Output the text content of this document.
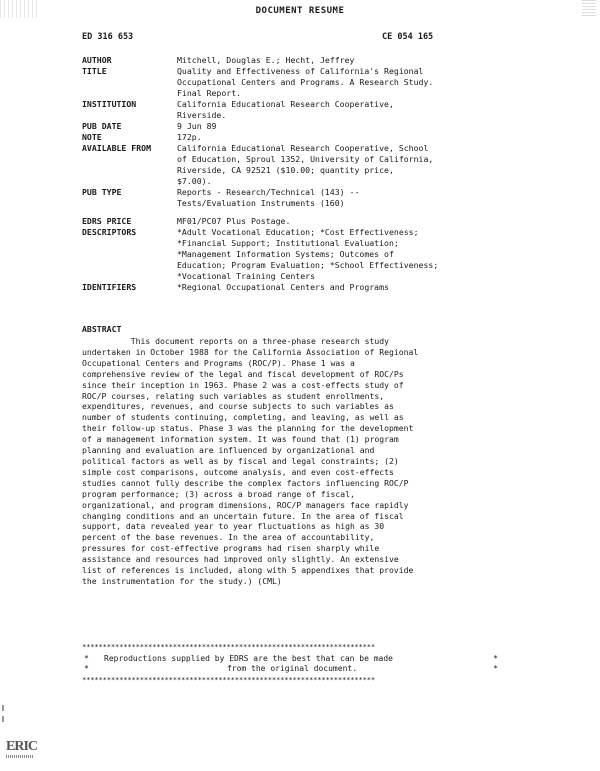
DOCUMENT RESUME
ED 316 653	CE 054 165
AUTHOR	Mitchell, Douglas E.; Hecht, Jeffrey
TITLE	Quality and Effectiveness of California's Regional
Occupational Centers and Programs. A Research Study.
Final Report.
INSTITUTION	California Educational Research Cooperative,
Riverside.
PUB DATE	9 Jun 89
NOTE	172p.
AVAILABLE FROM	California Educational Research Cooperative, School
of Education, Sproul 1352, University of California,
Riverside, CA 92521 ($10.00; quantity price,
$7.00).
PUB TYPE	Reports - Research/Technical (143) --
Tests/Evaluation Instruments (160)
EDRS PRICE	MF01/PC07 Plus Postage.
DESCRIPTORS	*Adult Vocational Education; *Cost Effectiveness;
*Financial Support; Institutional Evaluation;
*Management Information Systems; Outcomes of
Education; Program Evaluation; *School Effectiveness;
*Vocational Training Centers
IDENTIFIERS	*Regional Occupational Centers and Programs
ABSTRACT
This document reports on a three-phase research study
undertaken in October 1988 for the California Association of Regional
Occupational Centers and Programs (ROC/P). Phase 1 was a
comprehensive review of the legal and fiscal development of ROC/Ps
since their inception in 1963. Phase 2 was a cost-effects study of
ROC/P courses, relating such variables as student enrollments,
expenditures, revenues, and course subjects to such variables as
number of students continuing, completing, and leaving, as well as
their follow-up status. Phase 3 was the planning for the development
of a management information system. It was found that (1) program
planning and evaluation are influenced by organizational and
political factors as well as by fiscal and legal constraints; (2)
simple cost comparisons, outcome analysis, and even cost-effects
studies cannot fully describe the complex factors influencing ROC/P
program performance; (3) across a broad range of fiscal,
organizational, and program dimensions, ROC/P managers face rapidly
changing conditions and an uncertain future. In the area of fiscal
support, data revealed year to year fluctuations as high as 30
percent of the base revenues. In the area of accountability,
pressures for cost-effective programs had risen sharply while
assistance and resources had improved only slightly. An extensive
list of references is included, along with 5 appendixes that provide
the instrumentation for the study.) (CML)
***********************************************************************
* Reproductions supplied by EDRS are the best that can be made	*
*	from the original document.	*
***********************************************************************
ERIC
